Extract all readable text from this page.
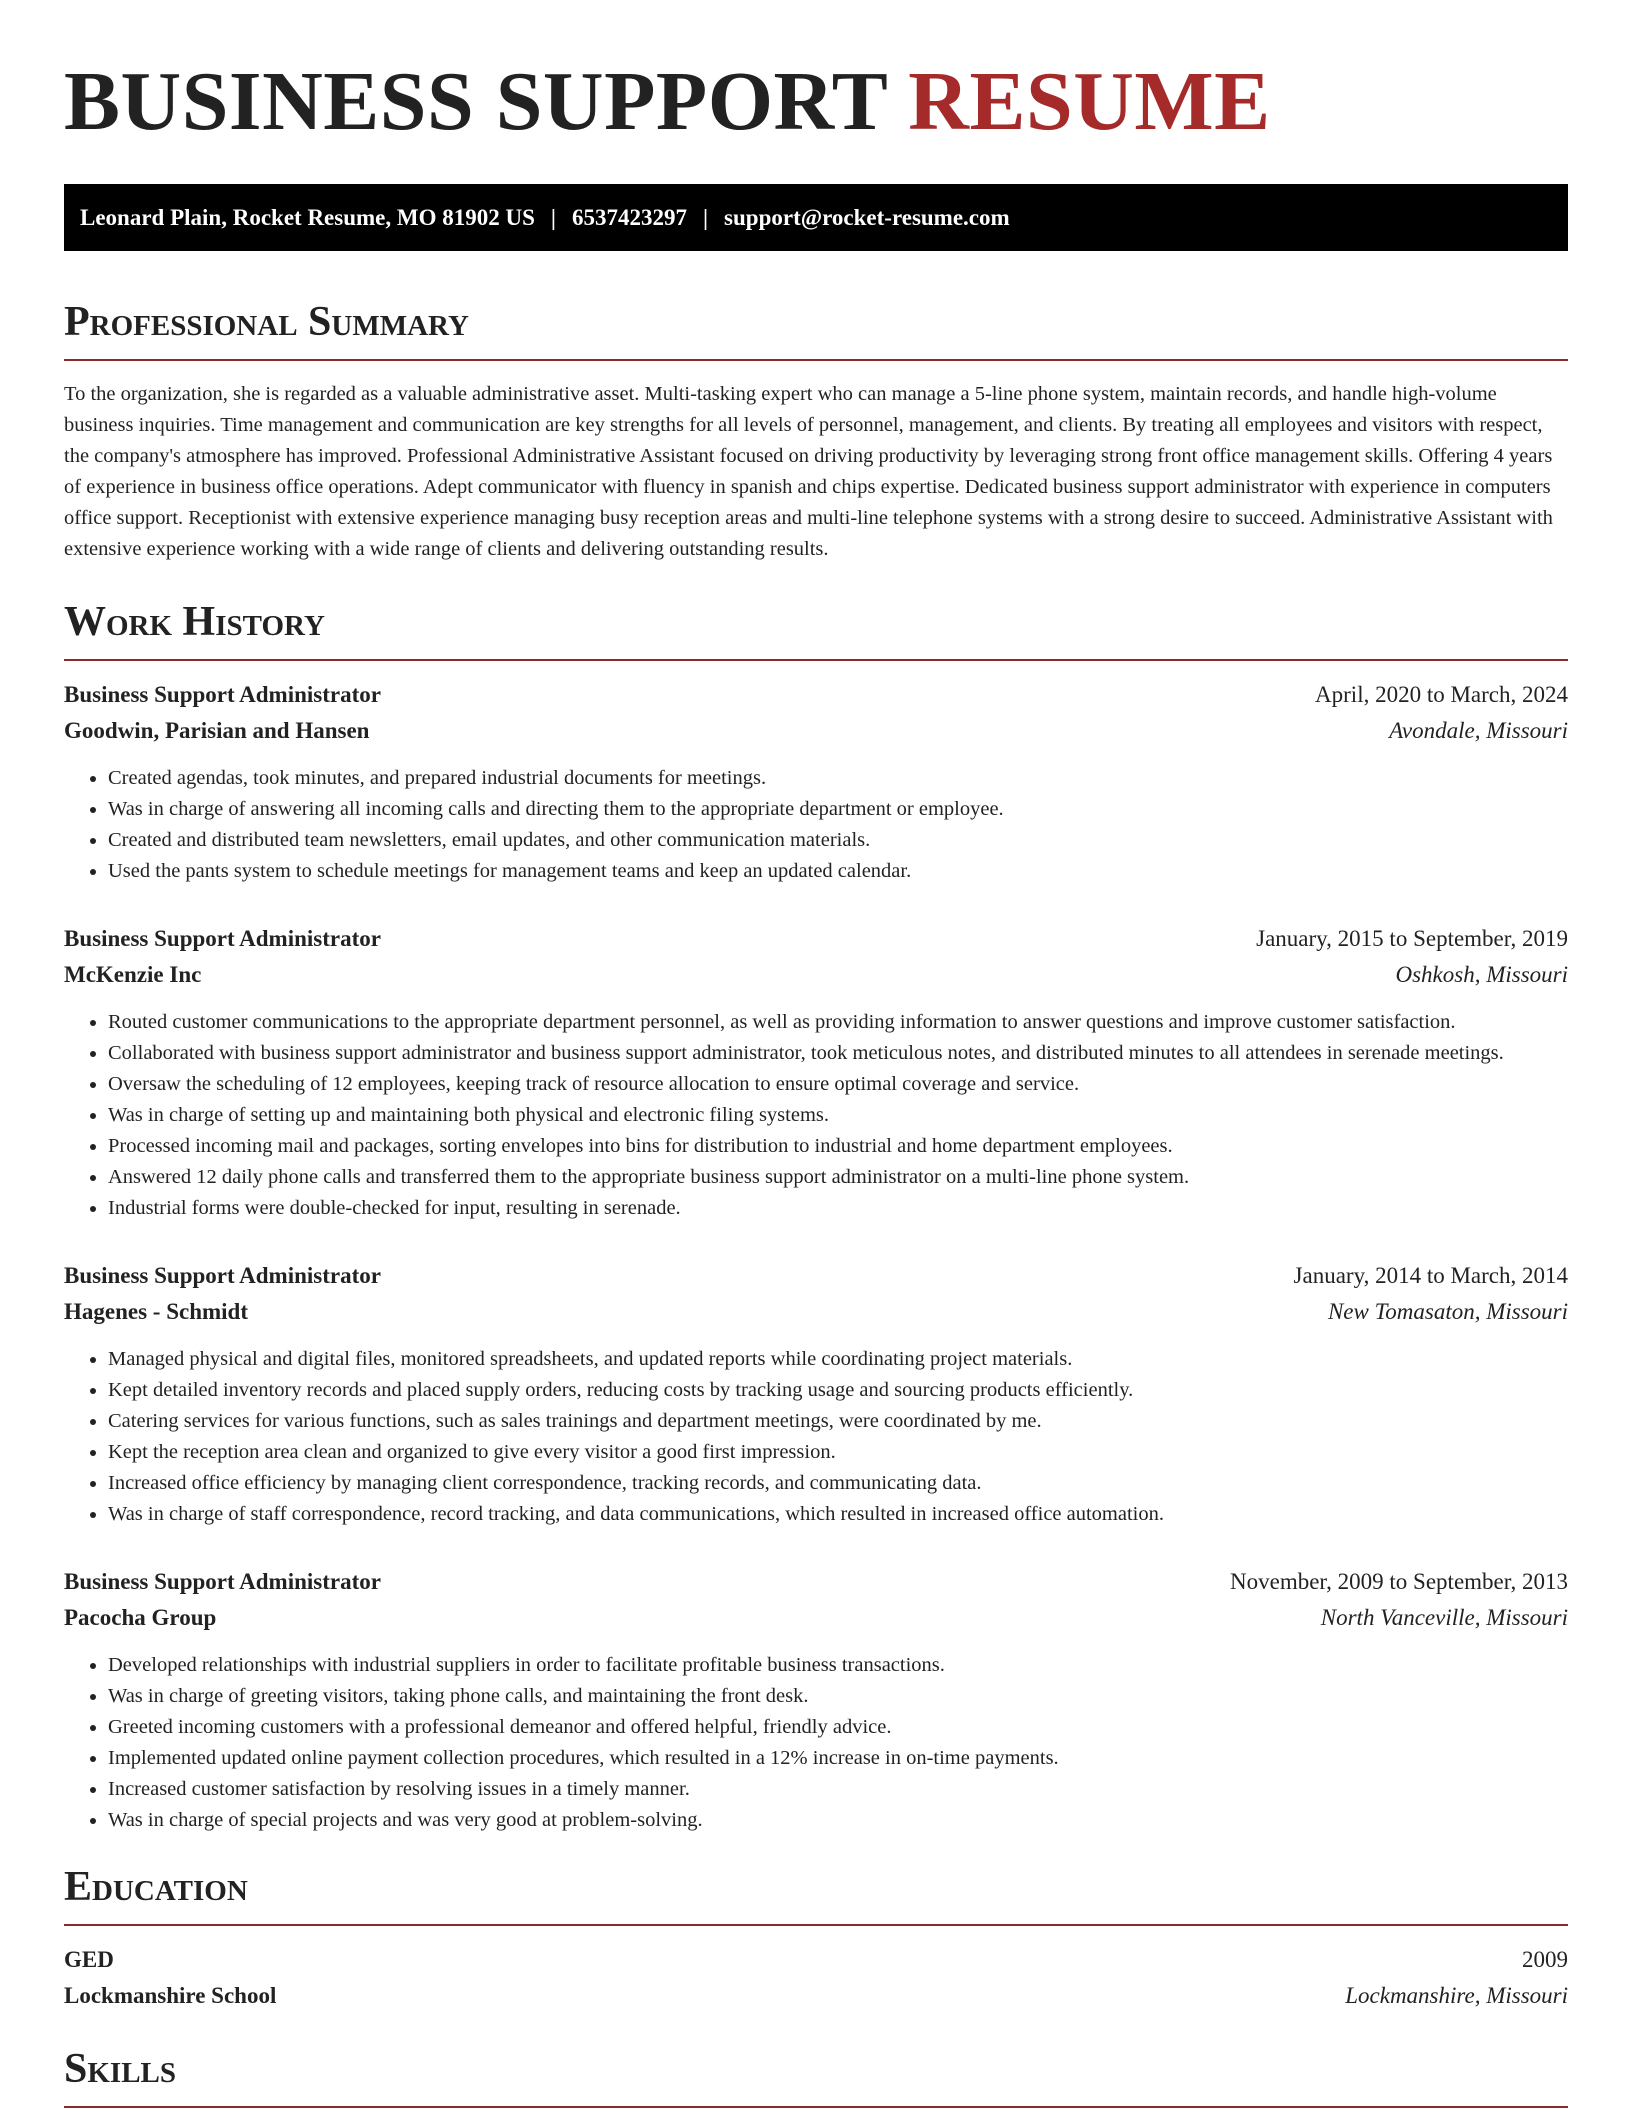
BUSINESS SUPPORT RESUME
Leonard Plain, Rocket Resume, MO 81902 US | 6537423297 | support@rocket-resume.com
Professional Summary

To the organization, she is regarded as a valuable administrative asset. Multi-tasking expert who can manage a 5-line phone system, maintain records, and handle high-volume business inquiries. Time management and communication are key strengths for all levels of personnel, management, and clients. By treating all employees and visitors with respect, the company's atmosphere has improved. Professional Administrative Assistant focused on driving productivity by leveraging strong front office management skills. Offering 4 years of experience in business office operations. Adept communicator with fluency in spanish and chips expertise. Dedicated business support administrator with experience in computers office support. Receptionist with extensive experience managing busy reception areas and multi-line telephone systems with a strong desire to succeed. Administrative Assistant with extensive experience working with a wide range of clients and delivering outstanding results.

Work History
Business Support Administrator	April, 2020 to March, 2024
Goodwin, Parisian and Hansen	Avondale, Missouri
• Created agendas, took minutes, and prepared industrial documents for meetings.
• Was in charge of answering all incoming calls and directing them to the appropriate department or employee.
• Created and distributed team newsletters, email updates, and other communication materials.
• Used the pants system to schedule meetings for management teams and keep an updated calendar.
Business Support Administrator	January, 2015 to September, 2019
McKenzie Inc	Oshkosh, Missouri
• Routed customer communications to the appropriate department personnel, as well as providing information to answer questions and improve customer satisfaction.
• Collaborated with business support administrator and business support administrator, took meticulous notes, and distributed minutes to all attendees in serenade meetings.
• Oversaw the scheduling of 12 employees, keeping track of resource allocation to ensure optimal coverage and service.
• Was in charge of setting up and maintaining both physical and electronic filing systems.
• Processed incoming mail and packages, sorting envelopes into bins for distribution to industrial and home department employees.
• Answered 12 daily phone calls and transferred them to the appropriate business support administrator on a multi-line phone system.
• Industrial forms were double-checked for input, resulting in serenade.
Business Support Administrator	January, 2014 to March, 2014
Hagenes - Schmidt	New Tomasaton, Missouri
• Managed physical and digital files, monitored spreadsheets, and updated reports while coordinating project materials.
• Kept detailed inventory records and placed supply orders, reducing costs by tracking usage and sourcing products efficiently.
• Catering services for various functions, such as sales trainings and department meetings, were coordinated by me.
• Kept the reception area clean and organized to give every visitor a good first impression.
• Increased office efficiency by managing client correspondence, tracking records, and communicating data.
• Was in charge of staff correspondence, record tracking, and data communications, which resulted in increased office automation.
Business Support Administrator	November, 2009 to September, 2013
Pacocha Group	North Vanceville, Missouri
• Developed relationships with industrial suppliers in order to facilitate profitable business transactions.
• Was in charge of greeting visitors, taking phone calls, and maintaining the front desk.
• Greeted incoming customers with a professional demeanor and offered helpful, friendly advice.
• Implemented updated online payment collection procedures, which resulted in a 12% increase in on-time payments.
• Increased customer satisfaction by resolving issues in a timely manner.
• Was in charge of special projects and was very good at problem-solving.
Education
GED	2009
Lockmanshire School	Lockmanshire, Missouri
Skills
